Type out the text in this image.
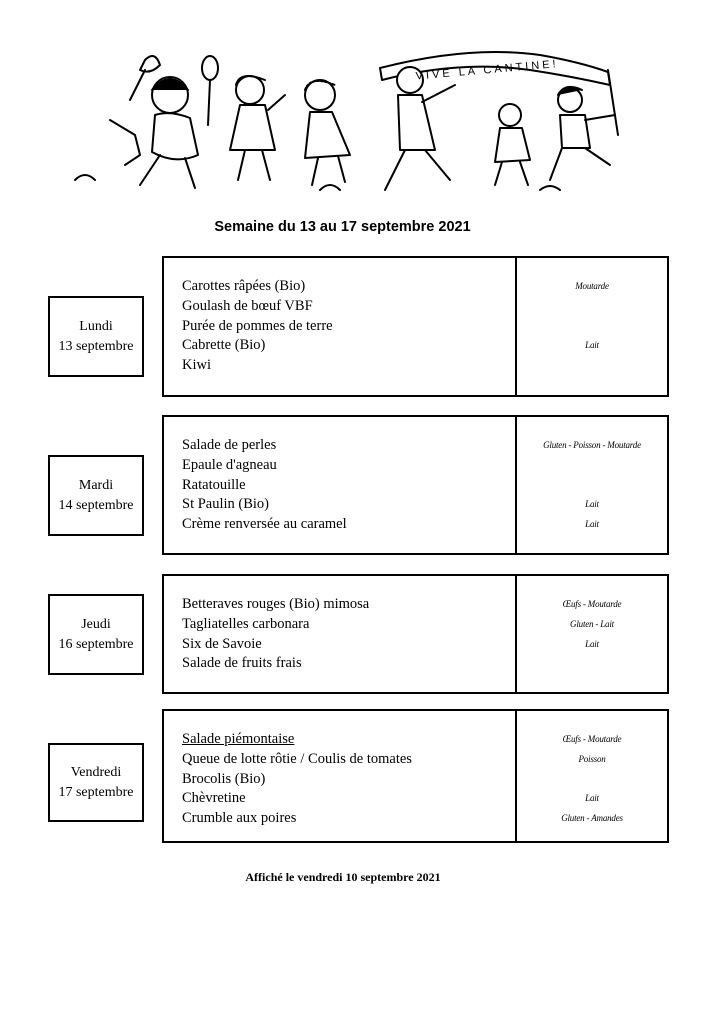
VIVE LA CANTINE!
Semaine du 13 au 17 septembre 2021
Lundi
13 septembre
Carottes râpées (Bio)
Goulash de bœuf VBF
Purée de pommes de terre
Cabrette (Bio)
Kiwi
Moutarde
Lait
Mardi
14 septembre
Salade de perles
Epaule d'agneau
Ratatouille
St Paulin (Bio)
Crème renversée au caramel
Gluten - Poisson - Moutarde
Lait
Lait
Jeudi
16 septembre
Betteraves rouges (Bio) mimosa
Tagliatelles carbonara
Six de Savoie
Salade de fruits frais
Œufs - Moutarde
Gluten - Lait
Lait
Vendredi
17 septembre
Salade piémontaise
Queue de lotte rôtie / Coulis de tomates
Brocolis (Bio)
Chèvretine
Crumble aux poires
Œufs - Moutarde
Poisson
Lait
Gluten - Amandes
Affiché le vendredi 10 septembre 2021
